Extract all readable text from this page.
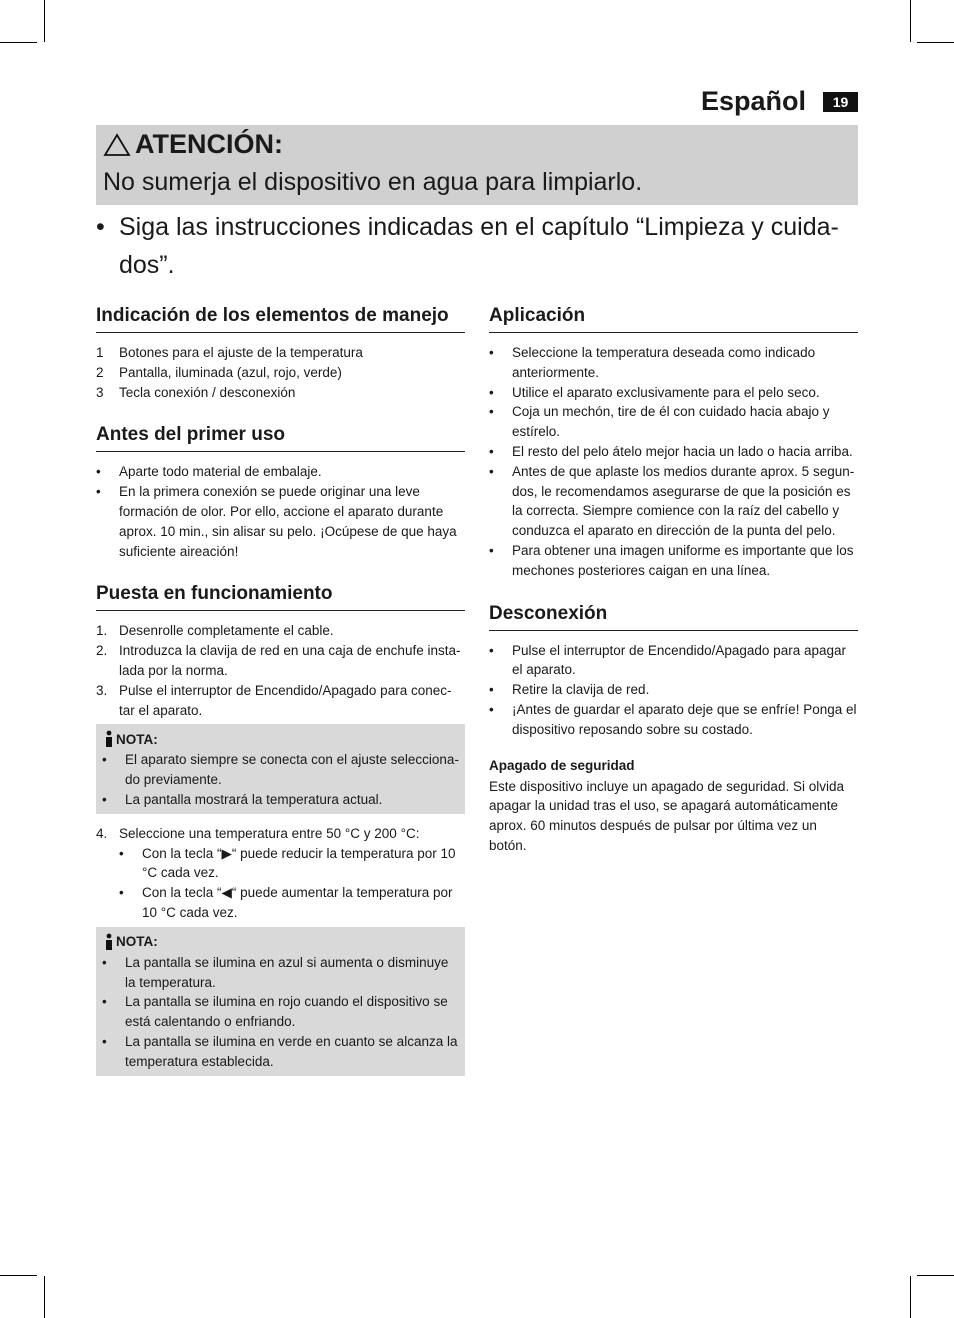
Español	19
ATENCIÓN:
No sumerja el dispositivo en agua para limpiarlo.
• Siga las instrucciones indicadas en el capítulo “Limpieza y cuida-dos”.
Indicación de los elementos de manejo
1 Botones para el ajuste de la temperatura
2 Pantalla, iluminada (azul, rojo, verde)
3 Tecla conexión / desconexión
Antes del primer uso
• Aparte todo material de embalaje.
• En la primera conexión se puede originar una leve formación de olor. Por ello, accione el aparato durante aprox. 10 min., sin alisar su pelo. ¡Ocúpese de que haya suficiente aireación!
Puesta en funcionamiento
1. Desenrolle completamente el cable.
2. Introduzca la clavija de red en una caja de enchufe insta-lada por la norma.
3. Pulse el interruptor de Encendido/Apagado para conec-tar el aparato.
NOTA:
• El aparato siempre se conecta con el ajuste selecciona-do previamente.
• La pantalla mostrará la temperatura actual.
4. Seleccione una temperatura entre 50 °C y 200 °C:
• Con la tecla “▶“ puede reducir la temperatura por 10 °C cada vez.
• Con la tecla “◀“ puede aumentar la temperatura por 10 °C cada vez.
NOTA:
• La pantalla se ilumina en azul si aumenta o disminuye la temperatura.
• La pantalla se ilumina en rojo cuando el dispositivo se está calentando o enfriando.
• La pantalla se ilumina en verde en cuanto se alcanza la temperatura establecida.
Aplicación
• Seleccione la temperatura deseada como indicado anteriormente.
• Utilice el aparato exclusivamente para el pelo seco.
• Coja un mechón, tire de él con cuidado hacia abajo y estírelo.
• El resto del pelo átelo mejor hacia un lado o hacia arriba.
• Antes de que aplaste los medios durante aprox. 5 segun-dos, le recomendamos asegurarse de que la posición es la correcta. Siempre comience con la raíz del cabello y conduzca el aparato en dirección de la punta del pelo.
• Para obtener una imagen uniforme es importante que los mechones posteriores caigan en una línea.
Desconexión
• Pulse el interruptor de Encendido/Apagado para apagar el aparato.
• Retire la clavija de red.
• ¡Antes de guardar el aparato deje que se enfríe! Ponga el dispositivo reposando sobre su costado.
Apagado de seguridad
Este dispositivo incluye un apagado de seguridad. Si olvida apagar la unidad tras el uso, se apagará automáticamente aprox. 60 minutos después de pulsar por última vez un botón.
